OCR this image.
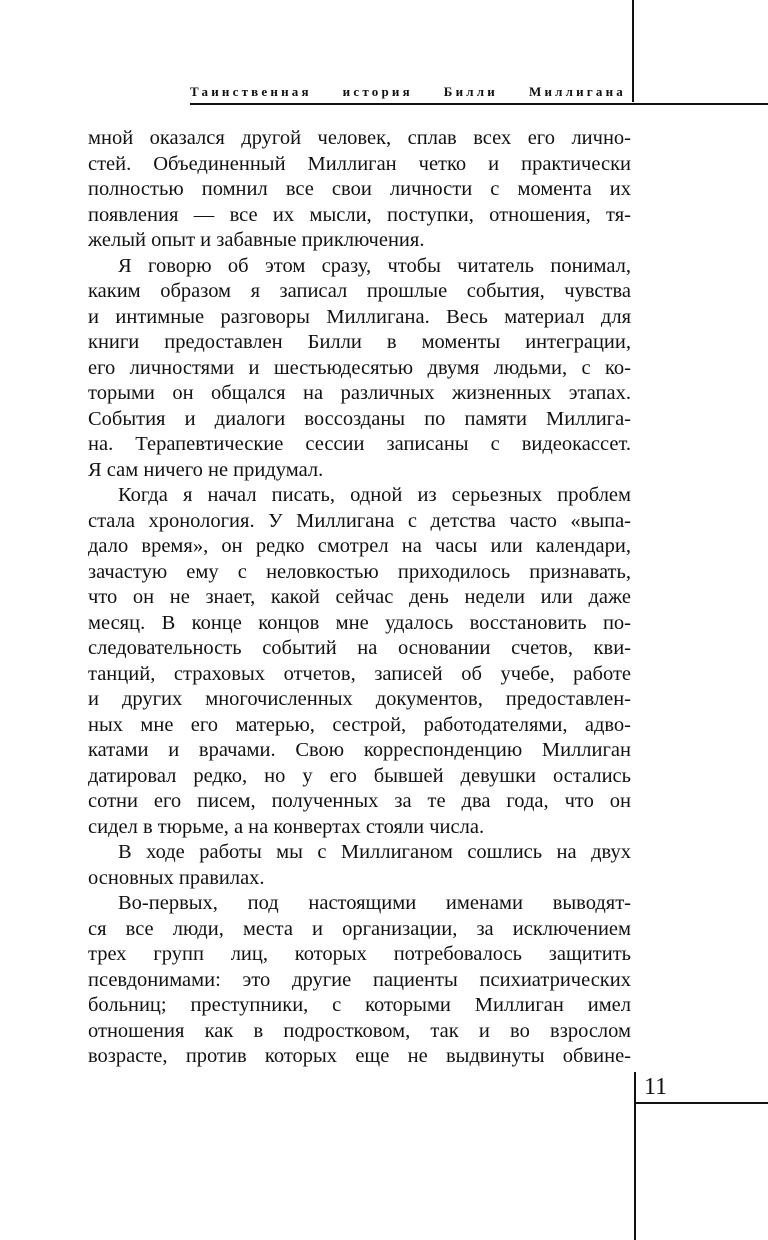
Таинственная история Билли Миллигана

мной оказался другой человек, сплав всех его лично-
стей. Объединенный Миллиган четко и практически
полностью помнил все свои личности с момента их
появления — все их мысли, поступки, отношения, тя-
желый опыт и забавные приключения.

Я говорю об этом сразу, чтобы читатель понимал,
каким образом я записал прошлые события, чувства
и интимные разговоры Миллигана. Весь материал для
книги предоставлен Билли в моменты интеграции,
его личностями и шестьюдесятью двумя людьми, с ко-
торыми он общался на различных жизненных этапах.
События и диалоги воссозданы по памяти Миллига-
на. Терапевтические сессии записаны с видеокассет.
Я сам ничего не придумал.

Когда я начал писать, одной из серьезных проблем
стала хронология. У Миллигана с детства часто «выпа-
дало время», он редко смотрел на часы или календари,
зачастую ему с неловкостью приходилось признавать,
что он не знает, какой сейчас день недели или даже
месяц. В конце концов мне удалось восстановить по-
следовательность событий на основании счетов, кви-
танций, страховых отчетов, записей об учебе, работе
и других многочисленных документов, предоставлен-
ных мне его матерью, сестрой, работодателями, адво-
катами и врачами. Свою корреспонденцию Миллиган
датировал редко, но у его бывшей девушки остались
сотни его писем, полученных за те два года, что он
сидел в тюрьме, а на конвертах стояли числа.

В ходе работы мы с Миллиганом сошлись на двух
основных правилах.

Во-первых, под настоящими именами выводят-
ся все люди, места и организации, за исключением
трех групп лиц, которых потребовалось защитить
псевдонимами: это другие пациенты психиатрических
больниц; преступники, с которыми Миллиган имел
отношения как в подростковом, так и во взрослом
возрасте, против которых еще не выдвинуты обвине-

11
